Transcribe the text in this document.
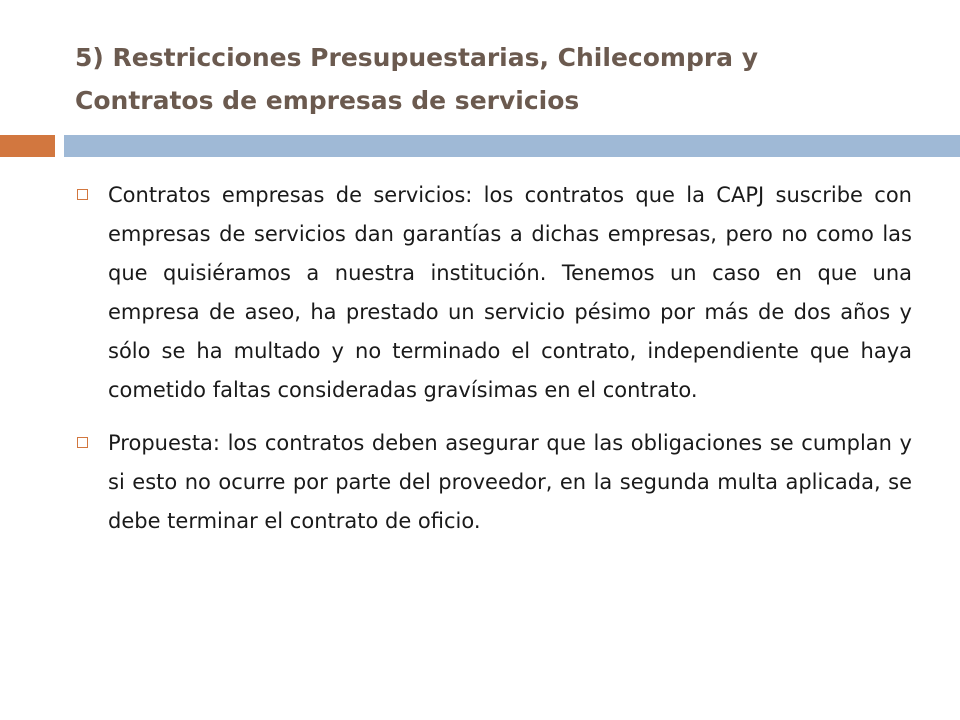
5) Restricciones Presupuestarias, Chilecompra y Contratos de empresas de servicios

Contratos empresas de servicios: los contratos que la CAPJ suscribe con empresas de servicios dan garantías a dichas empresas, pero no como las que quisiéramos a nuestra institución. Tenemos un caso en que una empresa de aseo, ha prestado un servicio pésimo por más de dos años y sólo se ha multado y no terminado el contrato, independiente que haya cometido faltas consideradas gravísimas en el contrato.

Propuesta: los contratos deben asegurar que las obligaciones se cumplan y si esto no ocurre por parte del proveedor, en la segunda multa aplicada, se debe terminar el contrato de oficio.
